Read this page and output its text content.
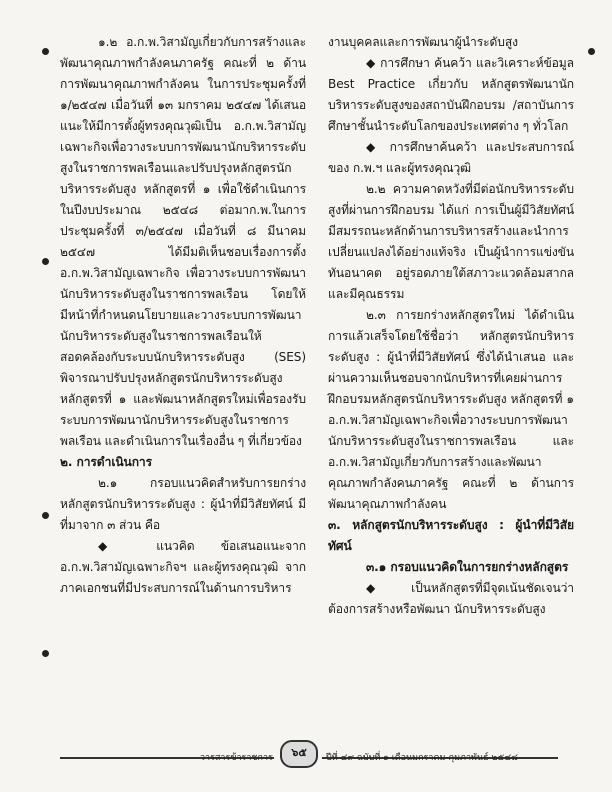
๑.๒ อ.ก.พ.วิสามัญเกี่ยวกับการสร้างและพัฒนาคุณภาพกำลังคนภาครัฐ คณะที่ ๒ ด้านการพัฒนาคุณภาพกำลังคน ในการประชุมครั้งที่ ๑/๒๕๔๗ เมื่อวันที่ ๑๓ มกราคม ๒๕๔๗ ได้เสนอแนะให้มีการตั้งผู้ทรงคุณวุฒิเป็น อ.ก.พ.วิสามัญเฉพาะกิจเพื่อวางระบบการพัฒนานักบริหารระดับสูงในราชการพลเรือนและปรับปรุงหลักสูตรนักบริหารระดับสูง หลักสูตรที่ ๑ เพื่อใช้ดำเนินการในปีงบประมาณ ๒๕๔๘ ต่อมาก.พ.ในการประชุมครั้งที่ ๓/๒๕๔๗ เมื่อวันที่ ๘ มีนาคม ๒๕๔๗ ได้มีมติเห็นชอบเรื่องการตั้ง อ.ก.พ.วิสามัญเฉพาะกิจ เพื่อวางระบบการพัฒนานักบริหารระดับสูงในราชการพลเรือน โดยให้มีหน้าที่กำหนดนโยบายและวางระบบการพัฒนานักบริหารระดับสูงในราชการพลเรือนให้สอดคล้องกับระบบนักบริหารระดับสูง (SES) พิจารณาปรับปรุงหลักสูตรนักบริหารระดับสูง หลักสูตรที่ ๑ และพัฒนาหลักสูตรใหม่เพื่อรองรับระบบการพัฒนานักบริหารระดับสูงในราชการพลเรือน และดำเนินการในเรื่องอื่น ๆ ที่เกี่ยวข้อง

๒. การดำเนินการ

๒.๑ กรอบแนวคิดสำหรับการยกร่างหลักสูตรนักบริหารระดับสูง : ผู้นำที่มีวิสัยทัศน์ มีที่มาจาก ๓ ส่วน คือ

◆ แนวคิด ข้อเสนอแนะจาก อ.ก.พ.วิสามัญเฉพาะกิจฯ และผู้ทรงคุณวุฒิ จากภาคเอกชนที่มีประสบการณ์ในด้านการบริหาร

งานบุคคลและการพัฒนาผู้นำระดับสูง

◆ การศึกษา ค้นคว้า และวิเคราะห์ข้อมูล Best Practice เกี่ยวกับ หลักสูตรพัฒนานักบริหารระดับสูงของสถาบันฝึกอบรม /สถาบันการศึกษาชั้นนำระดับโลกของประเทศต่าง ๆ ทั่วโลก

◆ การศึกษาค้นคว้า และประสบการณ์ของ ก.พ.ฯ และผู้ทรงคุณวุฒิ

๒.๒ ความคาดหวังที่มีต่อนักบริหารระดับสูงที่ผ่านการฝึกอบรม ได้แก่ การเป็นผู้มีวิสัยทัศน์ มีสมรรถนะหลักด้านการบริหารสร้างและนำการเปลี่ยนแปลงได้อย่างแท้จริง เป็นผู้นำการแข่งขัน ทันอนาคต อยู่รอดภายใต้สภาวะแวดล้อมสากล และมีคุณธรรม

๒.๓ การยกร่างหลักสูตรใหม่ ได้ดำเนินการแล้วเสร็จโดยใช้ชื่อว่า หลักสูตรนักบริหารระดับสูง : ผู้นำที่มีวิสัยทัศน์ ซึ่งได้นำเสนอ และผ่านความเห็นชอบจากนักบริหารที่เคยผ่านการฝึกอบรมหลักสูตรนักบริหารระดับสูง หลักสูตรที่ ๑ อ.ก.พ.วิสามัญเฉพาะกิจเพื่อวางระบบการพัฒนานักบริหารระดับสูงในราชการพลเรือน และ อ.ก.พ.วิสามัญเกี่ยวกับการสร้างและพัฒนาคุณภาพกำลังคนภาครัฐ คณะที่ ๒ ด้านการพัฒนาคุณภาพกำลังคน

๓. หลักสูตรนักบริหารระดับสูง : ผู้นำที่มีวิสัยทัศน์

๓.๑ กรอบแนวคิดในการยกร่างหลักสูตร

◆ เป็นหลักสูตรที่มีจุดเน้นชัดเจนว่าต้องการสร้างหรือพัฒนา นักบริหารระดับสูง

วารสารข้าราชการ	๖๕	ปีที่ ๔๙ ฉบับที่ ๑ เดือนมกราคม-กุมภาพันธ์ ๒๕๔๘
